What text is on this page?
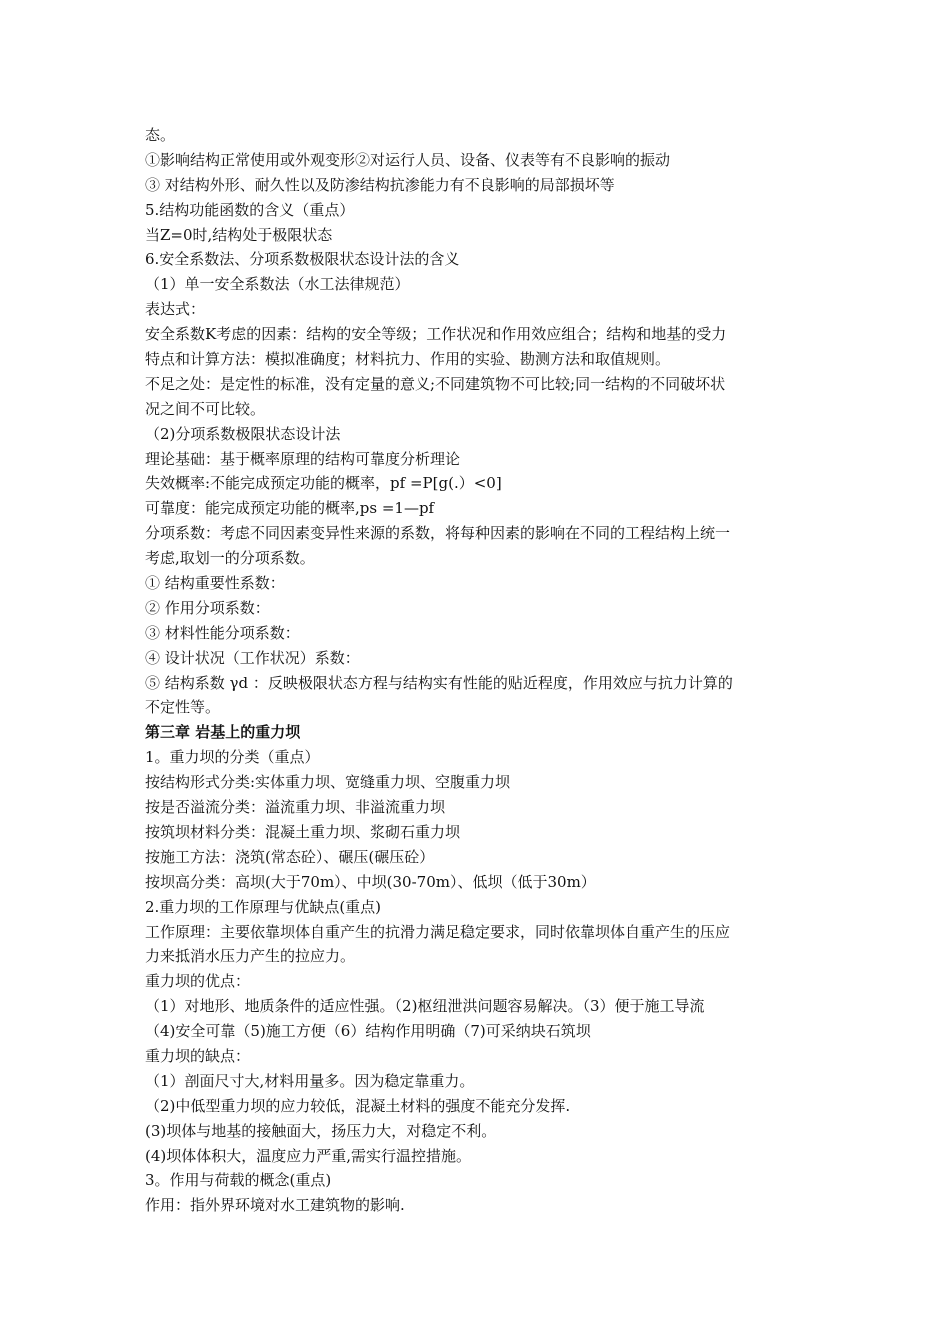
态。
①影响结构正常使用或外观变形②对运行人员、设备、仪表等有不良影响的振动
③ 对结构外形、耐久性以及防渗结构抗渗能力有不良影响的局部损坏等
5.结构功能函数的含义（重点）
当Z=0时,结构处于极限状态
6.安全系数法、分项系数极限状态设计法的含义
（1）单一安全系数法（水工法律规范）
表达式：
安全系数K考虑的因素：结构的安全等级；工作状况和作用效应组合；结构和地基的受力
特点和计算方法：模拟准确度；材料抗力、作用的实验、勘测方法和取值规则。
不足之处：是定性的标准，没有定量的意义;不同建筑物不可比较;同一结构的不同破坏状
况之间不可比较。
（2)分项系数极限状态设计法
理论基础：基于概率原理的结构可靠度分析理论
失效概率:不能完成预定功能的概率，pf =P[g(.）<0]
可靠度：能完成预定功能的概率,ps =1—pf
分项系数：考虑不同因素变异性来源的系数，将每种因素的影响在不同的工程结构上统一
考虑,取划一的分项系数。
① 结构重要性系数：
② 作用分项系数：
③ 材料性能分项系数：
④ 设计状况（工作状况）系数：
⑤ 结构系数 γd ：反映极限状态方程与结构实有性能的贴近程度，作用效应与抗力计算的
不定性等。
第三章 岩基上的重力坝
1。重力坝的分类（重点）
按结构形式分类:实体重力坝、宽缝重力坝、空腹重力坝
按是否溢流分类：溢流重力坝、非溢流重力坝
按筑坝材料分类：混凝土重力坝、浆砌石重力坝
按施工方法：浇筑(常态砼）、碾压(碾压砼）
按坝高分类：高坝(大于70m）、中坝(30-70m）、低坝（低于30m）
2.重力坝的工作原理与优缺点(重点)
工作原理：主要依靠坝体自重产生的抗滑力满足稳定要求，同时依靠坝体自重产生的压应
力来抵消水压力产生的拉应力。
重力坝的优点：
（1）对地形、地质条件的适应性强。（2)枢纽泄洪问题容易解决。（3）便于施工导流
（4)安全可靠（5)施工方便（6）结构作用明确（7)可采纳块石筑坝
重力坝的缺点：
（1）剖面尺寸大,材料用量多。因为稳定靠重力。
（2)中低型重力坝的应力较低，混凝土材料的强度不能充分发挥.
(3)坝体与地基的接触面大，扬压力大，对稳定不利。
(4)坝体体积大，温度应力严重,需实行温控措施。
3。作用与荷载的概念(重点)
作用：指外界环境对水工建筑物的影响.
